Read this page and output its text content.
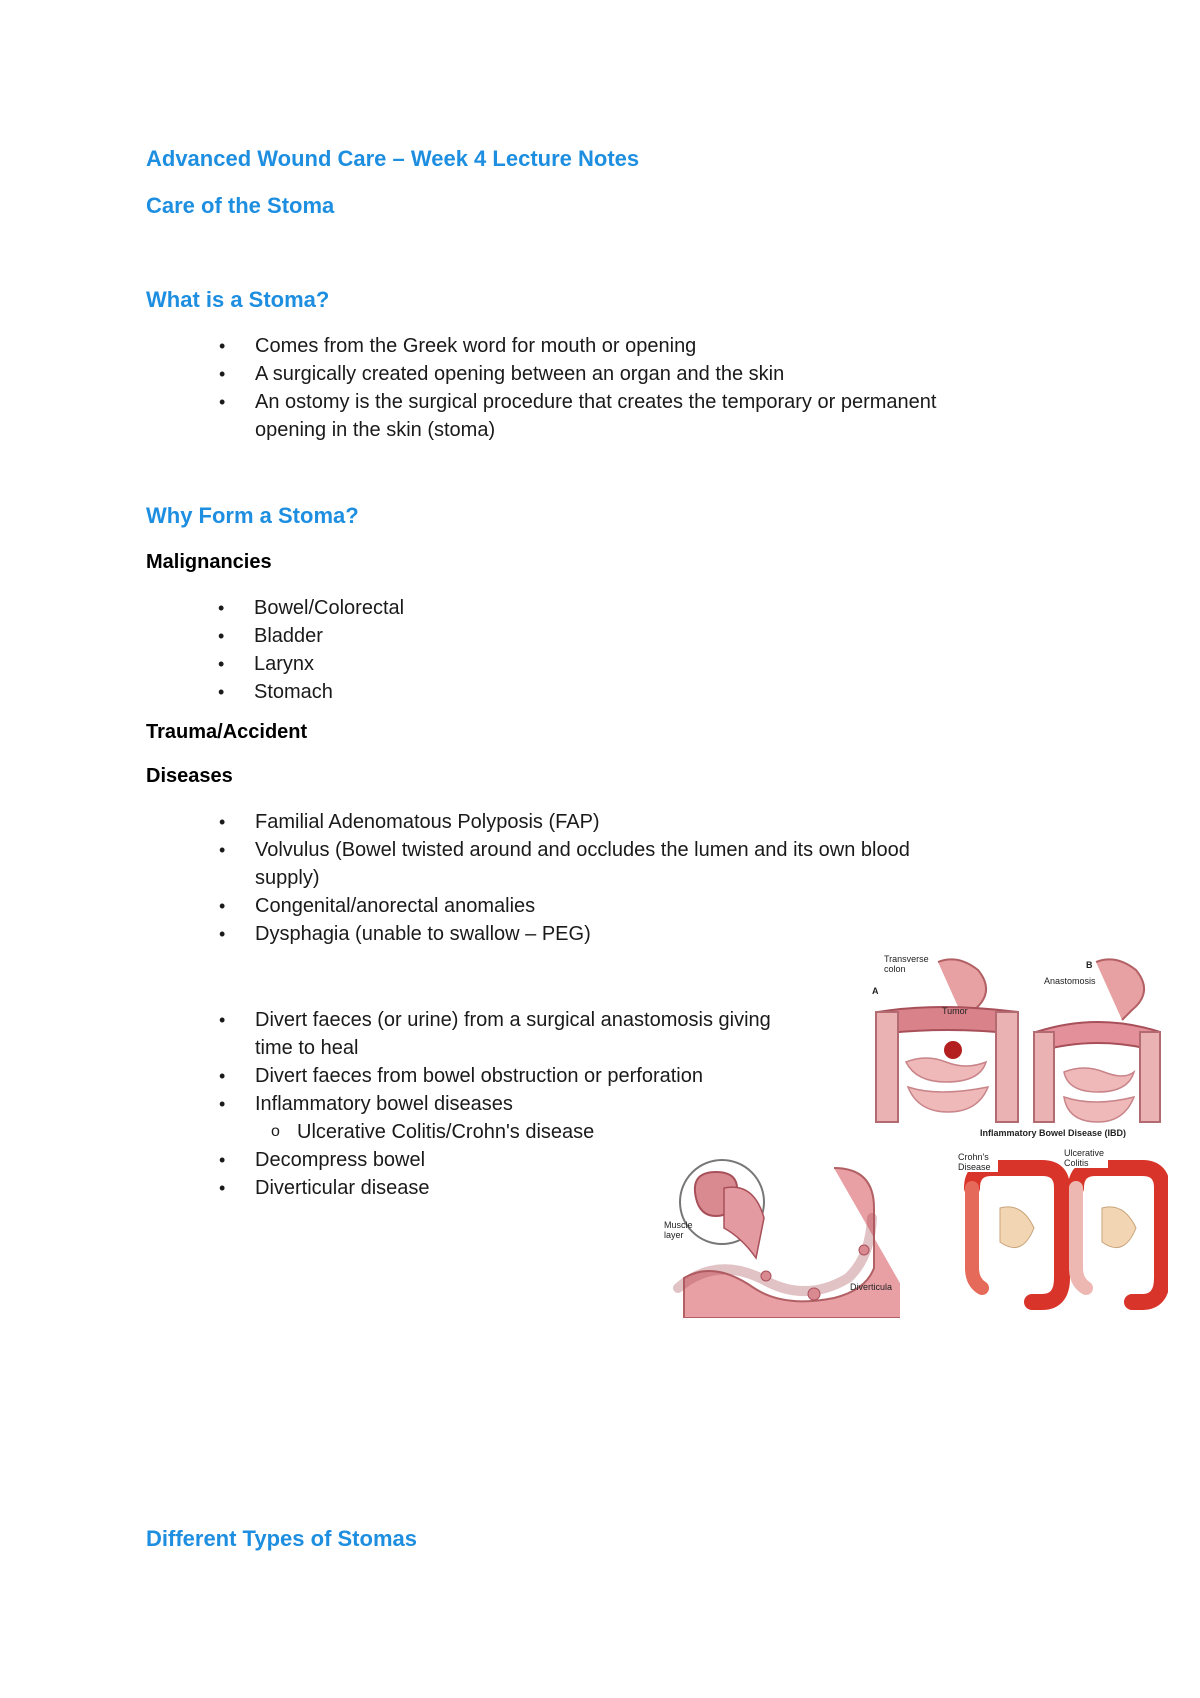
Advanced Wound Care – Week 4 Lecture Notes
Care of the Stoma
What is a Stoma?
• Comes from the Greek word for mouth or opening
• A surgically created opening between an organ and the skin
• An ostomy is the surgical procedure that creates the temporary or permanent
opening in the skin (stoma)
Why Form a Stoma?
Malignancies
• Bowel/Colorectal
• Bladder
• Larynx
• Stomach
Trauma/Accident
Diseases
• Familial Adenomatous Polyposis (FAP)
• Volvulus (Bowel twisted around and occludes the lumen and its own blood
supply)
• Congenital/anorectal anomalies
• Dysphagia (unable to swallow – PEG)
• Divert faeces (or urine) from a surgical anastomosis giving
time to heal
• Divert faeces from bowel obstruction or perforation
• Inflammatory bowel diseases
o Ulcerative Colitis/Crohn's disease
• Decompress bowel
• Diverticular disease
A
Transverse colon
Tumor
B
Anastomosis
Muscle layer
Diverticula
Inflammatory Bowel Disease (IBD)
Crohn's Disease
Ulcerative Colitis
Different Types of Stomas
